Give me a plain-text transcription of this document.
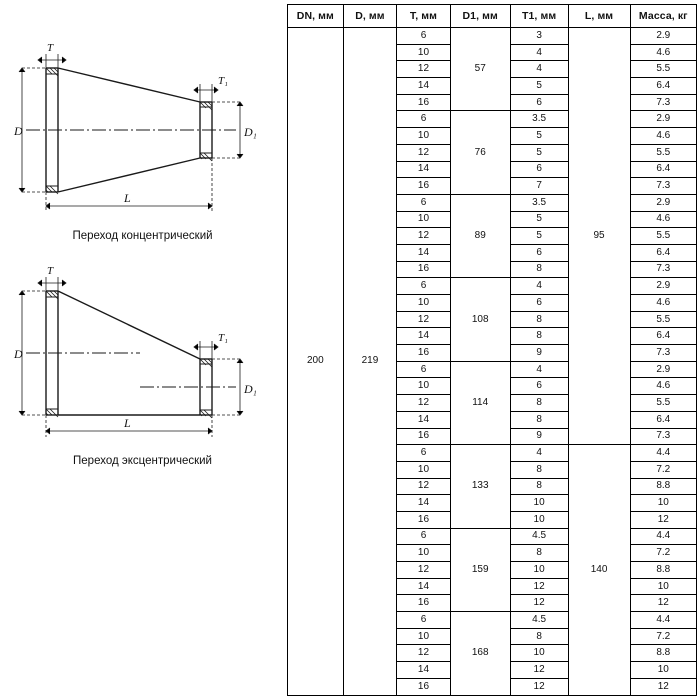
D	D₁
T
T₁
L
Переход концентрический
D
D₁
T
T₁
L
Переход эксцентрический
DN, мм	D, мм	T, мм	D1, мм	T1, мм	L, мм	Масса, кг
200	219	6	57	3	95	2.9
		10		4		4.6
		12		4		5.5
		14		5		6.4
		16		6		7.3
		6	76	3.5		2.9
		10		5		4.6
		12		5		5.5
		14		6		6.4
		16		7		7.3
		6	89	3.5		2.9
		10		5		4.6
		12		5		5.5
		14		6		6.4
		16		8		7.3
		6	108	4		2.9
		10		6		4.6
		12		8		5.5
		14		8		6.4
		16		9		7.3
		6	114	4		2.9
		10		6		4.6
		12		8		5.5
		14		8		6.4
		16		9		7.3
		6	133	4	140	4.4
		10		8		7.2
		12		8		8.8
		14		10		10
		16		10		12
		6	159	4.5		4.4
		10		8		7.2
		12		10		8.8
		14		12		10
		16		12		12
		6	168	4.5		4.4
		10		8		7.2
		12		10		8.8
		14		12		10
		16		12		12
